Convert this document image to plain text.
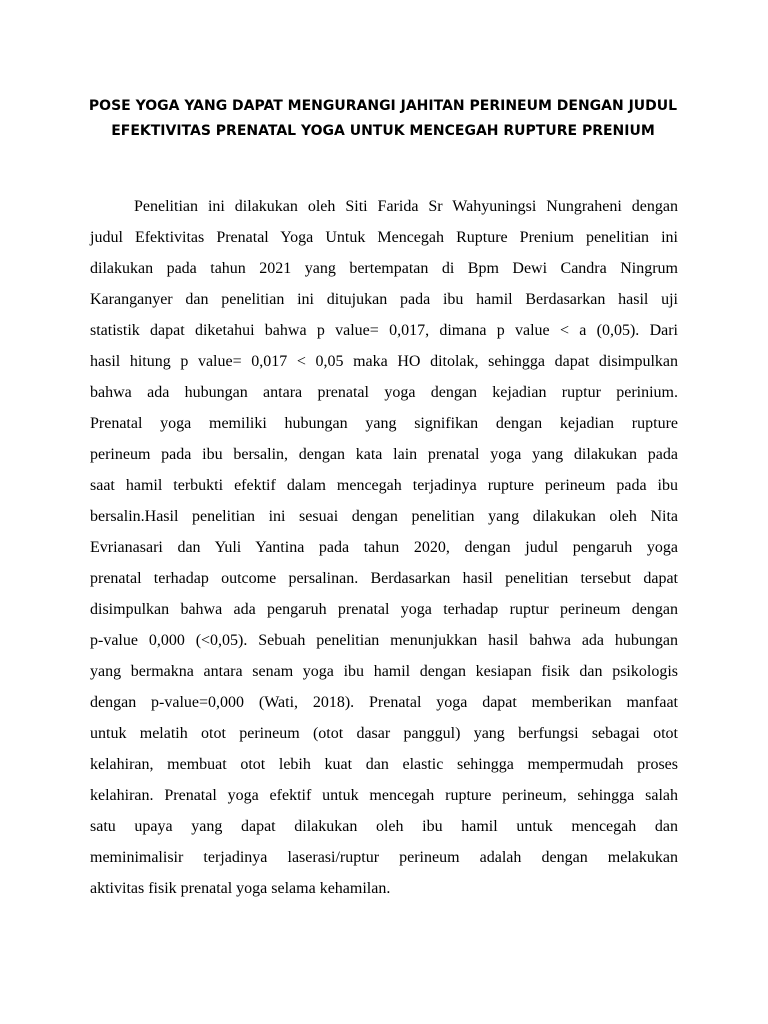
POSE YOGA YANG DAPAT MENGURANGI JAHITAN PERINEUM DENGAN JUDUL
EFEKTIVITAS PRENATAL YOGA UNTUK MENCEGAH RUPTURE PRENIUM
Penelitian ini dilakukan oleh Siti Farida Sr Wahyuningsi Nungraheni dengan
judul Efektivitas Prenatal Yoga Untuk Mencegah Rupture Prenium penelitian ini
dilakukan pada tahun 2021 yang bertempatan di Bpm Dewi Candra Ningrum
Karanganyer dan penelitian ini ditujukan pada ibu hamil Berdasarkan hasil uji
statistik dapat diketahui bahwa p value= 0,017, dimana p value < a (0,05). Dari
hasil hitung p value= 0,017 < 0,05 maka HO ditolak, sehingga dapat disimpulkan
bahwa ada hubungan antara prenatal yoga dengan kejadian ruptur perinium.
Prenatal yoga memiliki hubungan yang signifikan dengan kejadian rupture
perineum pada ibu bersalin, dengan kata lain prenatal yoga yang dilakukan pada
saat hamil terbukti efektif dalam mencegah terjadinya rupture perineum pada ibu
bersalin.Hasil penelitian ini sesuai dengan penelitian yang dilakukan oleh Nita
Evrianasari dan Yuli Yantina pada tahun 2020, dengan judul pengaruh yoga
prenatal terhadap outcome persalinan. Berdasarkan hasil penelitian tersebut dapat
disimpulkan bahwa ada pengaruh prenatal yoga terhadap ruptur perineum dengan
p-value 0,000 (<0,05). Sebuah penelitian menunjukkan hasil bahwa ada hubungan
yang bermakna antara senam yoga ibu hamil dengan kesiapan fisik dan psikologis
dengan p-value=0,000 (Wati, 2018). Prenatal yoga dapat memberikan manfaat
untuk melatih otot perineum (otot dasar panggul) yang berfungsi sebagai otot
kelahiran, membuat otot lebih kuat dan elastic sehingga mempermudah proses
kelahiran. Prenatal yoga efektif untuk mencegah rupture perineum, sehingga salah
satu upaya yang dapat dilakukan oleh ibu hamil untuk mencegah dan
meminimalisir terjadinya laserasi/ruptur perineum adalah dengan melakukan
aktivitas fisik prenatal yoga selama kehamilan.
